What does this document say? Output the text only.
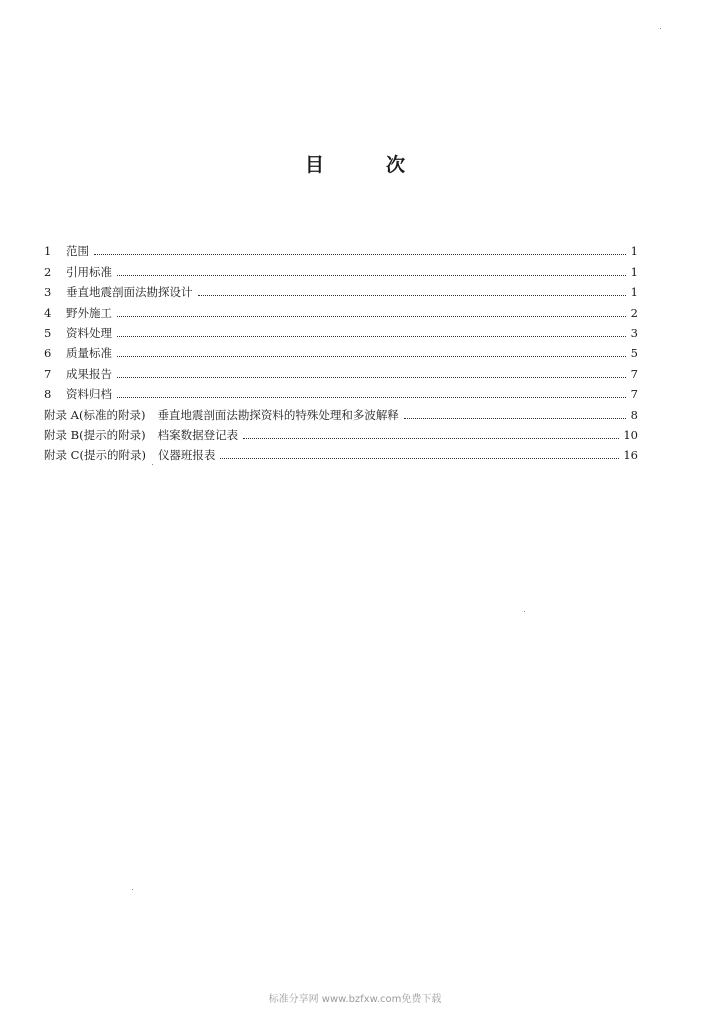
目	次
1	范围	1
2	引用标准	1
3	垂直地震剖面法勘探设计	1
4	野外施工	2
5	资料处理	3
6	质量标准	5
7	成果报告	7
8	资料归档	7
附录 A(标准的附录) 垂直地震剖面法勘探资料的特殊处理和多波解释	8
附录 B(提示的附录) 档案数据登记表	10
附录 C(提示的附录) 仪器班报表	16
标准分享网 www.bzfxw.com免费下载
